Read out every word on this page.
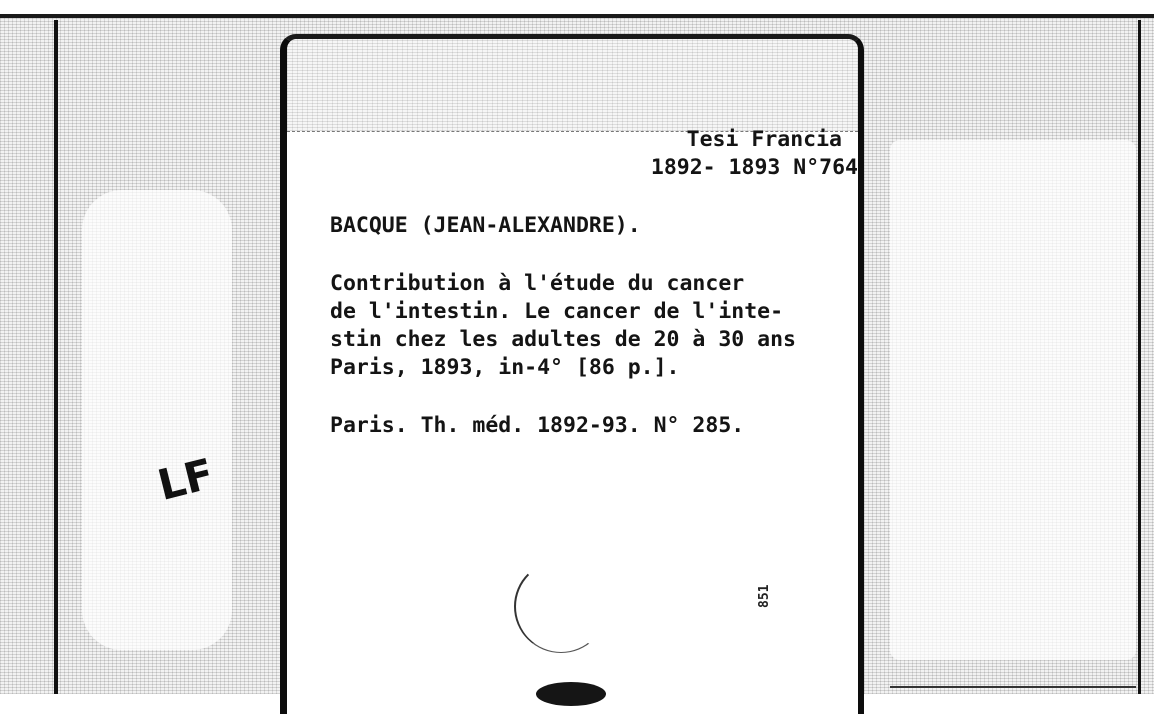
LF

Tesi Francia

1892- 1893 N°764

BACQUE (JEAN-ALEXANDRE).

Contribution à l'étude du cancer

de l'intestin. Le cancer de l'inte-

stin chez les adultes de 20 à 30 ans

Paris, 1893, in-4° [86 p.].

Paris. Th. méd. 1892-93. N° 285.

851
